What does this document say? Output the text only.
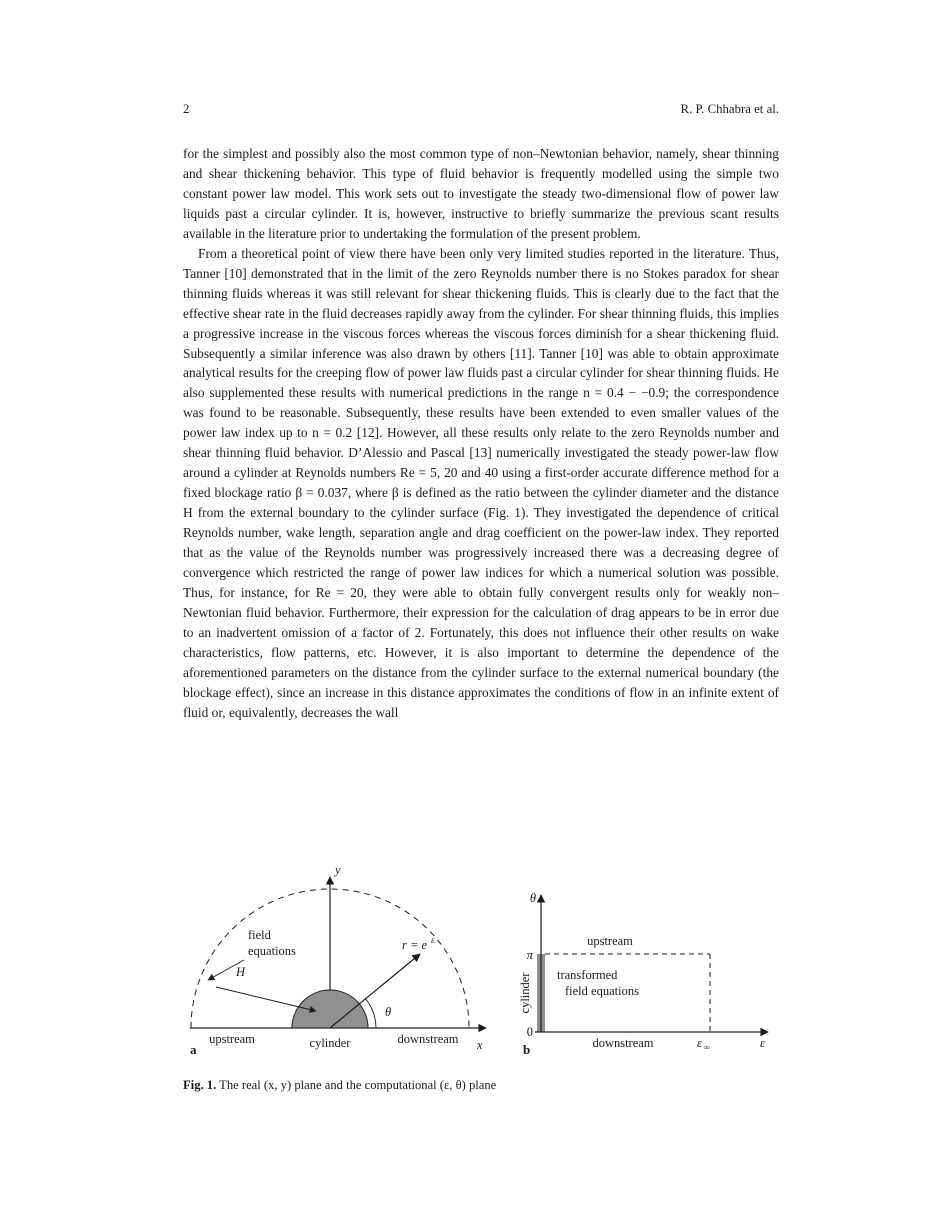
2	R. P. Chhabra et al.

for the simplest and possibly also the most common type of non–Newtonian behavior, namely, shear thinning and shear thickening behavior. This type of fluid behavior is frequently modelled using the simple two constant power law model. This work sets out to investigate the steady two-dimensional flow of power law liquids past a circular cylinder. It is, however, instructive to briefly summarize the previous scant results available in the literature prior to undertaking the formulation of the present problem.

From a theoretical point of view there have been only very limited studies reported in the literature. Thus, Tanner [10] demonstrated that in the limit of the zero Reynolds number there is no Stokes paradox for shear thinning fluids whereas it was still relevant for shear thickening fluids. This is clearly due to the fact that the effective shear rate in the fluid decreases rapidly away from the cylinder. For shear thinning fluids, this implies a progressive increase in the viscous forces whereas the viscous forces diminish for a shear thickening fluid. Subsequently a similar inference was also drawn by others [11]. Tanner [10] was able to obtain approximate analytical results for the creeping flow of power law fluids past a circular cylinder for shear thinning fluids. He also supplemented these results with numerical predictions in the range n = 0.4 − −0.9; the correspondence was found to be reasonable. Subsequently, these results have been extended to even smaller values of the power law index up to n = 0.2 [12]. However, all these results only relate to the zero Reynolds number and shear thinning fluid behavior. D’Alessio and Pascal [13] numerically investigated the steady power-law flow around a cylinder at Reynolds numbers Re = 5, 20 and 40 using a first-order accurate difference method for a fixed blockage ratio β = 0.037, where β is defined as the ratio between the cylinder diameter and the distance H from the external boundary to the cylinder surface (Fig. 1). They investigated the dependence of critical Reynolds number, wake length, separation angle and drag coefficient on the power-law index. They reported that as the value of the Reynolds number was progressively increased there was a decreasing degree of convergence which restricted the range of power law indices for which a numerical solution was possible. Thus, for instance, for Re = 20, they were able to obtain fully convergent results only for weakly non–Newtonian fluid behavior. Furthermore, their expression for the calculation of drag appears to be in error due to an inadvertent omission of a factor of 2. Fortunately, this does not influence their other results on wake characteristics, flow patterns, etc. However, it is also important to determine the dependence of the aforementioned parameters on the distance from the cylinder surface to the external numerical boundary (the blockage effect), since an increase in this distance approximates the conditions of flow in an infinite extent of fluid or, equivalently, decreases the wall

y
field
equations
H
r = e ε
θ
upstream	cylinder	downstream x
a
θ
π
0
ε
upstream
transformed
field equations
cylinder
downstream	ε ∞
b
Fig. 1. The real (x, y) plane and the computational (ε, θ) plane
